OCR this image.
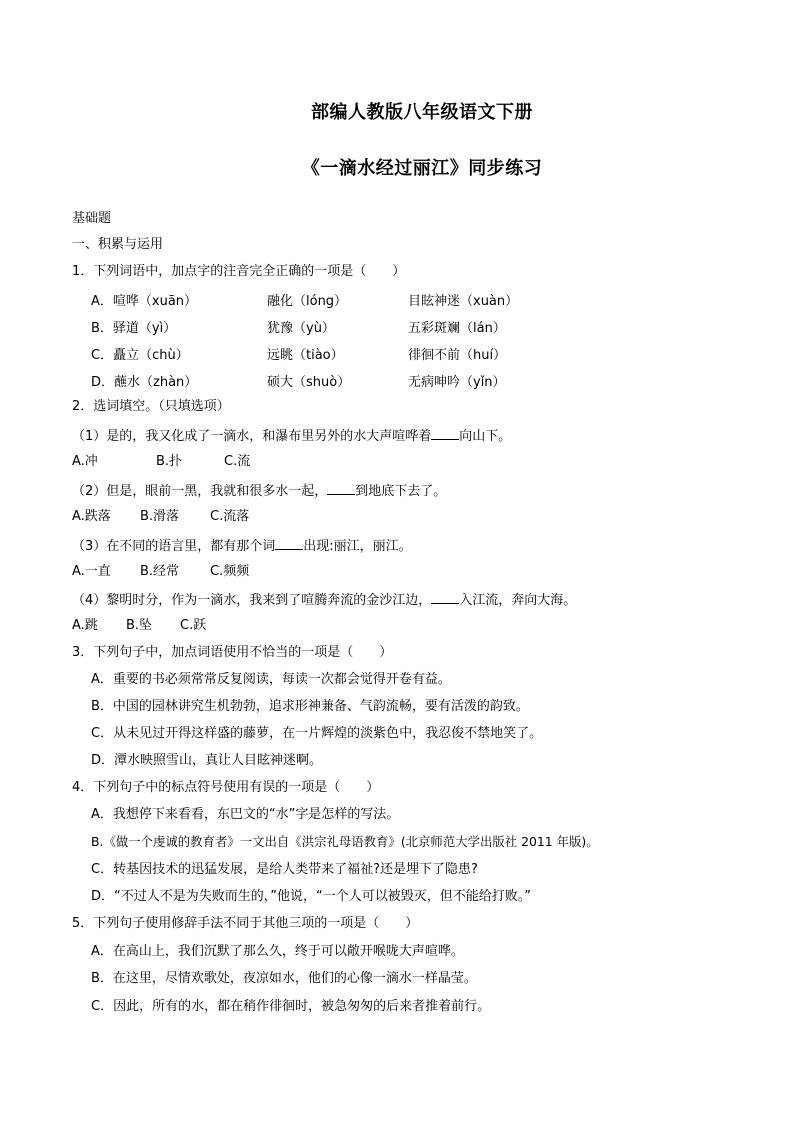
部编人教版八年级语文下册
《一滴水经过丽江》同步练习
基础题
一、积累与运用
1．下列词语中，加点字的注音完全正确的一项是（　　）
A．喧哗（xuān）	融化（lóng）	目眩神迷（xuàn）
B．驿道（yì）	犹豫（yù）	五彩斑斓（lán）
C．矗立（chù）	远眺（tiào）	徘徊不前（huí）
D．蘸水（zhàn）	硕大（shuò）	无病呻吟（yǐn）
2．选词填空。（只填选项）
（1）是的，我又化成了一滴水，和瀑布里另外的水大声喧哗着 向山下。
A.冲	B.扑	C.流
（2）但是，眼前一黑，我就和很多水一起， 到地底下去了。
A.跌落 B.滑落 C.流落
（3）在不同的语言里，都有那个词 出现:丽江，丽江。
A.一直 B.经常 C.频频
（4）黎明时分，作为一滴水，我来到了喧腾奔流的金沙江边， 入江流，奔向大海。
A.跳 B.坠 C.跃
3．下列句子中，加点词语使用不恰当的一项是（　　）
A．重要的书必须常常反复阅读，每读一次都会觉得开卷有益。
B．中国的园林讲究生机勃勃，追求形神兼备、气韵流畅，要有活泼的韵致。
C．从未见过开得这样盛的藤萝，在一片辉煌的淡紫色中，我忍俊不禁地笑了。
D．潭水映照雪山，真让人目眩神迷啊。
4．下列句子中的标点符号使用有误的一项是（　　）
A．我想停下来看看，东巴文的“水”字是怎样的写法。
B.《做一个虔诚的教育者》一文出自《洪宗礼母语教育》(北京师范大学出版社 2011 年版)。
C．转基因技术的迅猛发展，是给人类带来了福祉?还是埋下了隐患?
D．“不过人不是为失败而生的，”他说，“一个人可以被毁灭，但不能给打败。”
5．下列句子使用修辞手法不同于其他三项的一项是（　　）
A．在高山上，我们沉默了那么久，终于可以敞开喉咙大声喧哗。
B．在这里，尽情欢歌处，夜凉如水，他们的心像一滴水一样晶莹。
C．因此，所有的水，都在稍作徘徊时，被急匆匆的后来者推着前行。
